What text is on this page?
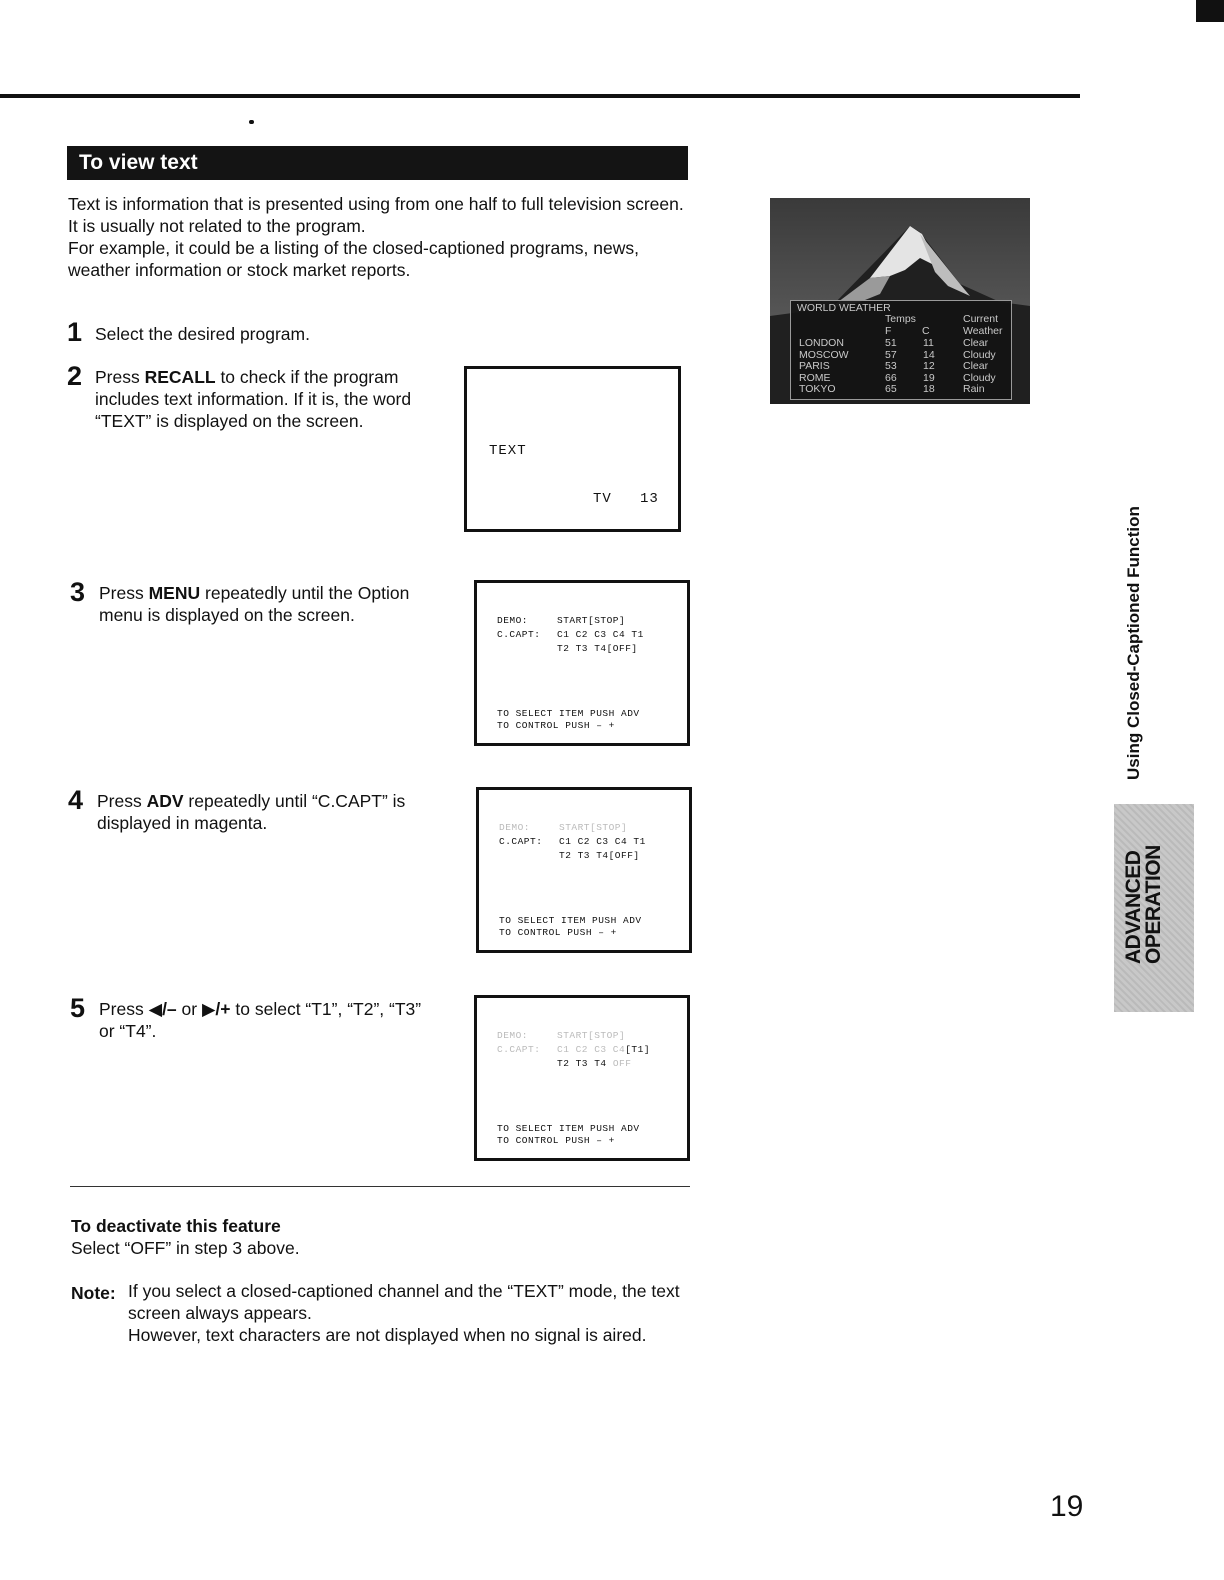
To view text

Text is information that is presented using from one half to full television screen. It is usually not related to the program.

For example, it could be a listing of the closed-captioned programs, news, weather information or stock market reports.

WORLD WEATHER
Temps
F	C
Current
Weather
LONDON	51	11	Clear
MOSCOW	57	14	Cloudy
PARIS	53	12	Clear
ROME	66	19	Cloudy
TOKYO	65	18	Rain
1 Select the desired program.
2 Press RECALL to check if the program includes text information. If it is, the word “TEXT” is displayed on the screen.
TEXT
TV   13
3 Press MENU repeatedly until the Option menu is displayed on the screen.	DEMO:	START[STOP]
C.CAPT: C1 C2 C3 C4 T1
T2 T3 T4[OFF]
TO SELECT ITEM PUSH ADV
TO CONTROL PUSH – +
4 Press ADV repeatedly until “C.CAPT” is displayed in magenta.	DEMO:	START[STOP]
C.CAPT: C1 C2 C3 C4 T1
T2 T3 T4[OFF]
TO SELECT ITEM PUSH ADV
TO CONTROL PUSH – +
5 Press ◀/– or ▶/+ to select “T1”, “T2”, “T3” or “T4”.	DEMO:	START[STOP]
C.CAPT: C1 C2 C3 C4[T1]
T2 T3 T4 OFF
TO SELECT ITEM PUSH ADV
TO CONTROL PUSH – +
To deactivate this feature
Select “OFF” in step 3 above.
Note: If you select a closed-captioned channel and the “TEXT” mode, the text screen always appears.
However, text characters are not displayed when no signal is aired.
Using Closed-Captioned Function
ADVANCED
OPERATION
19
